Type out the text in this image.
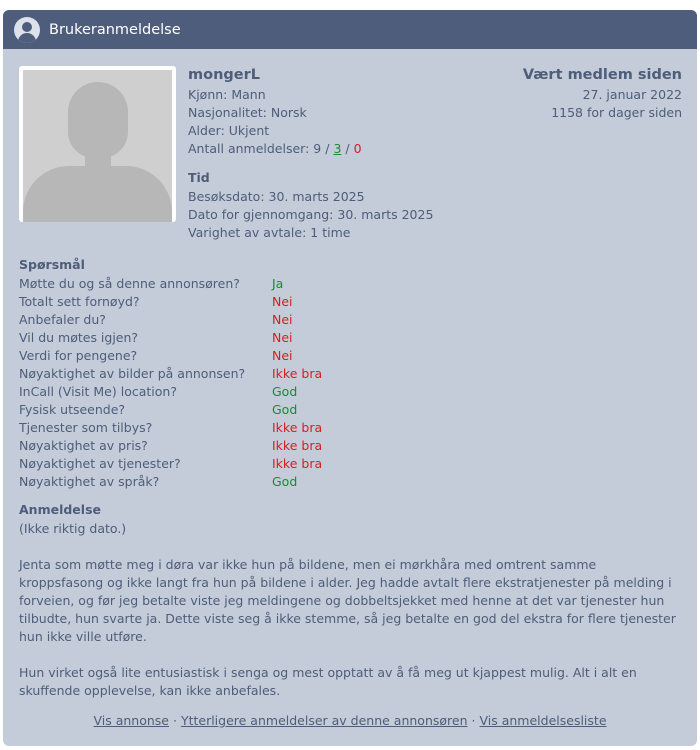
Brukeranmeldelse
mongerL
Kjønn: Mann
Nasjonalitet: Norsk
Alder: Ukjent
Antall anmeldelser: 9 / 3 / 0
Tid
Besøksdato: 30. marts 2025
Dato for gjennomgang: 30. marts 2025
Varighet av avtale: 1 time
Vært medlem siden
27. januar 2022
1158 for dager siden
Spørsmål
Møtte du og så denne annonsøren?	Ja
Totalt sett fornøyd?	Nei
Anbefaler du?	Nei
Vil du møtes igjen?	Nei
Verdi for pengene?	Nei
Nøyaktighet av bilder på annonsen?	Ikke bra
InCall (Visit Me) location?	God
Fysisk utseende?	God
Tjenester som tilbys?	Ikke bra
Nøyaktighet av pris?	Ikke bra
Nøyaktighet av tjenester?	Ikke bra
Nøyaktighet av språk?	God
Anmeldelse

(Ikke riktig dato.)

Jenta som møtte meg i døra var ikke hun på bildene, men ei mørkhåra med omtrent samme kroppsfasong og ikke langt fra hun på bildene i alder. Jeg hadde avtalt flere ekstratjenester på melding i forveien, og før jeg betalte viste jeg meldingene og dobbeltsjekket med henne at det var tjenester hun tilbudte, hun svarte ja. Dette viste seg å ikke stemme, så jeg betalte en god del ekstra for flere tjenester hun ikke ville utføre.

Hun virket også lite entusiastisk i senga og mest opptatt av å få meg ut kjappest mulig. Alt i alt en skuffende opplevelse, kan ikke anbefales.

Vis annonse · Ytterligere anmeldelser av denne annonsøren · Vis anmeldelsesliste
